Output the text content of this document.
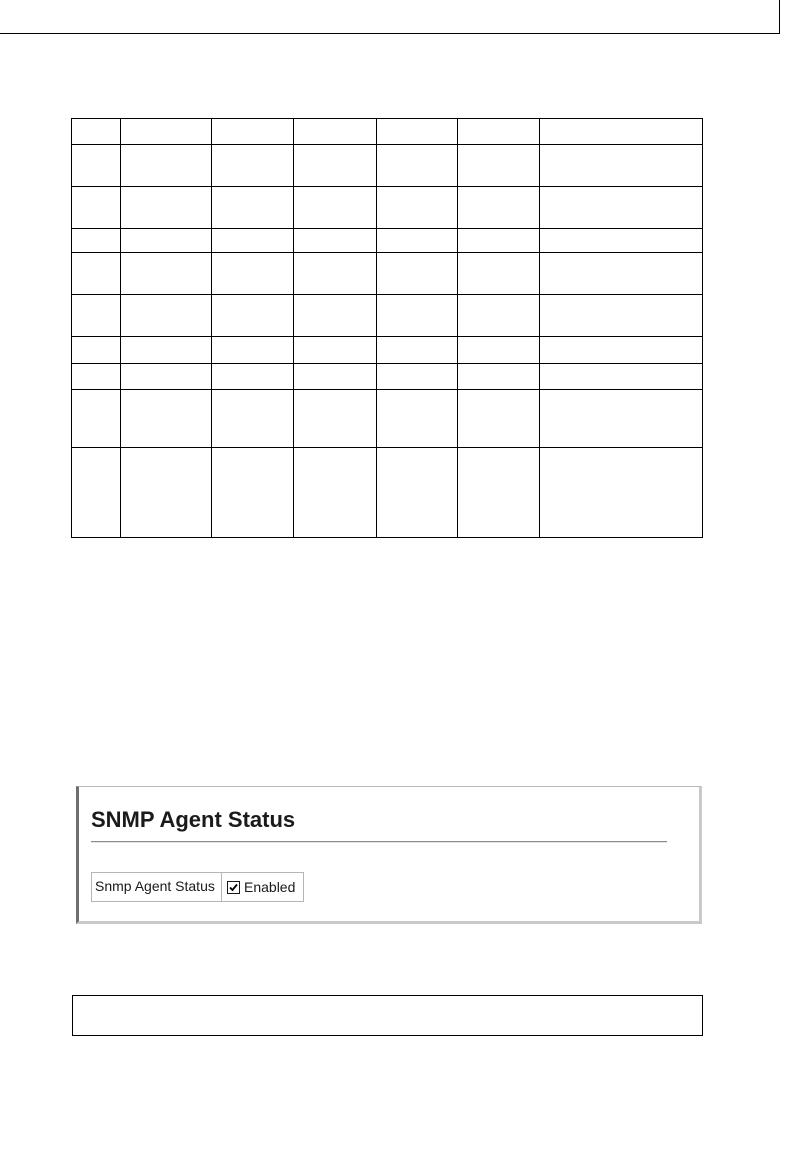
SNMP Agent Status
Snmp Agent Status	Enabled
